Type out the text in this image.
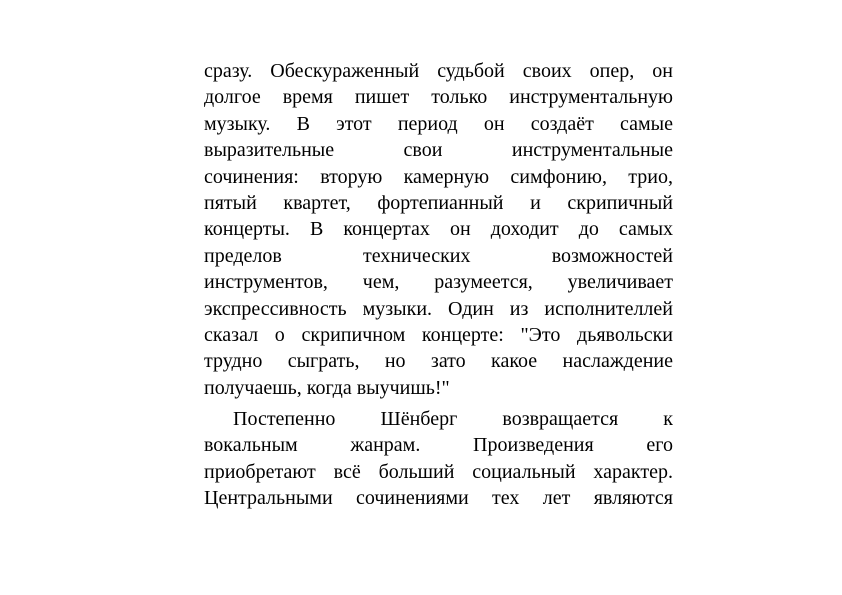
сразу. Обескураженный судьбой своих опер, он
долгое время пишет только инструментальную
музыку. В этот период он создаёт самые
выразительные свои инструментальные
сочинения: вторую камерную симфонию, трио,
пятый квартет, фортепианный и скрипичный
концерты. В концертах он доходит до самых
пределов технических возможностей
инструментов, чем, разумеется, увеличивает
экспрессивность музыки. Один из исполнителлей
сказал о скрипичном концерте: "Это дьявольски
трудно сыграть, но зато какое наслаждение
получаешь, когда выучишь!"
Постепенно Шёнберг возвращается к
вокальным жанрам. Произведения его
приобретают всё больший социальный характер.
Центральными сочинениями тех лет являются
